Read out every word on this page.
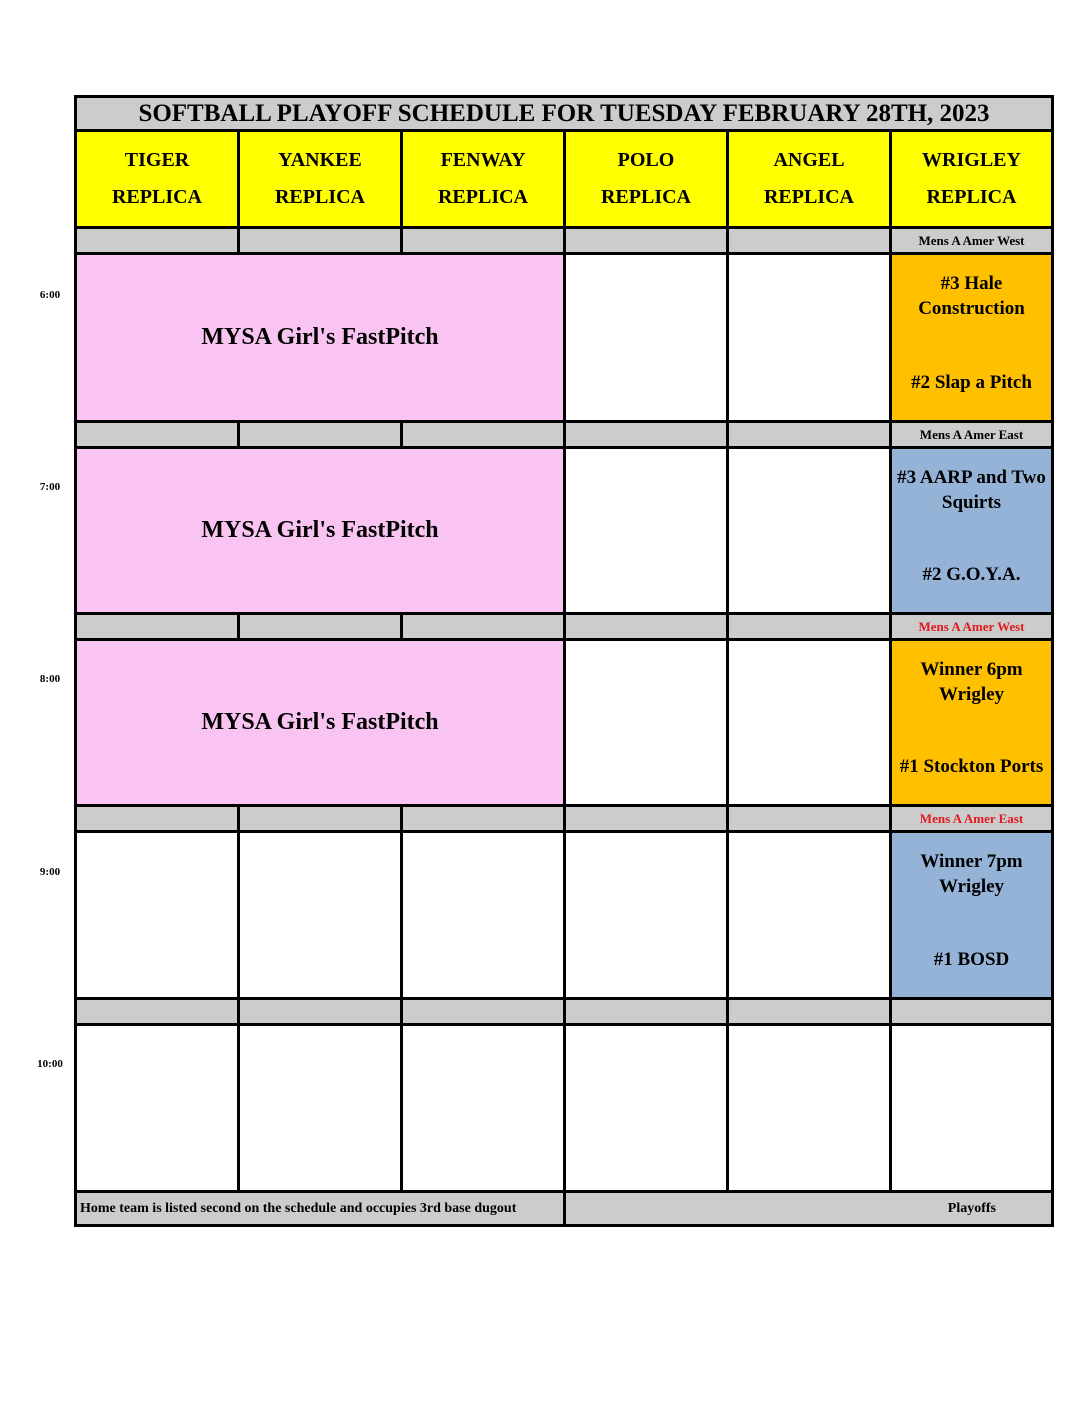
SOFTBALL PLAYOFF SCHEDULE FOR TUESDAY FEBRUARY 28TH, 2023
TIGER
REPLICA
YANKEE
REPLICA
FENWAY
REPLICA
POLO
REPLICA
ANGEL
REPLICA
WRIGLEY
REPLICA
Mens A Amer West
6:00
MYSA Girl's FastPitch
#3 Hale Construction
#2 Slap a Pitch
Mens A Amer East
7:00
MYSA Girl's FastPitch
#3 AARP and Two Squirts
#2 G.O.Y.A.
Mens A Amer West
8:00
MYSA Girl's FastPitch
Winner 6pm Wrigley
#1 Stockton Ports
Mens A Amer East
9:00	Winner 7pm Wrigley
#1 BOSD
10:00
Home team is listed second on the schedule and occupies 3rd base dugout	Playoffs
